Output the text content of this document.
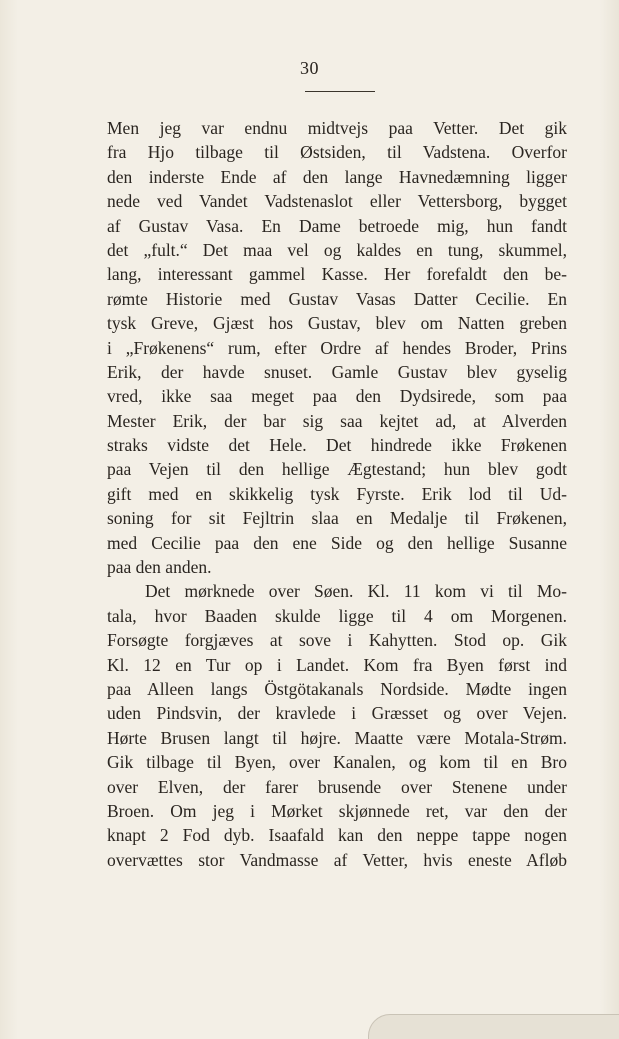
30
Men jeg var endnu midtvejs paa Vetter. Det gik
fra Hjo tilbage til Østsiden, til Vadstena. Overfor
den inderste Ende af den lange Havnedæmning ligger
nede ved Vandet Vadstenaslot eller Vettersborg, bygget
af Gustav Vasa. En Dame betroede mig, hun fandt
det „fult.“ Det maa vel og kaldes en tung, skummel,
lang, interessant gammel Kasse. Her forefaldt den be-
rømte Historie med Gustav Vasas Datter Cecilie. En
tysk Greve, Gjæst hos Gustav, blev om Natten greben
i „Frøkenens“ rum, efter Ordre af hendes Broder, Prins
Erik, der havde snuset. Gamle Gustav blev gyselig
vred, ikke saa meget paa den Dydsirede, som paa
Mester Erik, der bar sig saa kejtet ad, at Alverden
straks vidste det Hele. Det hindrede ikke Frøkenen
paa Vejen til den hellige Ægtestand; hun blev godt
gift med en skikkelig tysk Fyrste. Erik lod til Ud-
soning for sit Fejltrin slaa en Medalje til Frøkenen,
med Cecilie paa den ene Side og den hellige Susanne
paa den anden.
Det mørknede over Søen. Kl. 11 kom vi til Mo-
tala, hvor Baaden skulde ligge til 4 om Morgenen.
Forsøgte forgjæves at sove i Kahytten. Stod op. Gik
Kl. 12 en Tur op i Landet. Kom fra Byen først ind
paa Alleen langs Östgötakanals Nordside. Mødte ingen
uden Pindsvin, der kravlede i Græsset og over Vejen.
Hørte Brusen langt til højre. Maatte være Motala-Strøm.
Gik tilbage til Byen, over Kanalen, og kom til en Bro
over Elven, der farer brusende over Stenene under
Broen. Om jeg i Mørket skjønnede ret, var den der
knapt 2 Fod dyb. Isaafald kan den neppe tappe nogen
overvættes stor Vandmasse af Vetter, hvis eneste Afløb
